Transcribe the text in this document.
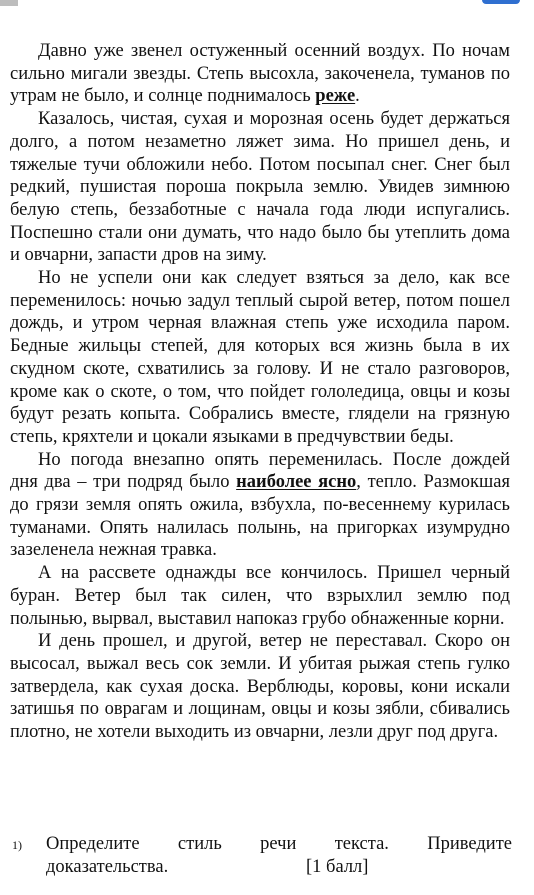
Давно уже звенел остуженный осенний воздух. По ночам сильно мигали звезды. Степь высохла, закоченела, туманов по утрам не было, и солнце поднималось реже.

Казалось, чистая, сухая и морозная осень будет держаться долго, а потом незаметно ляжет зима. Но пришел день, и тяжелые тучи обложили небо. Потом посыпал снег. Снег был редкий, пушистая пороша покрыла землю. Увидев зимнюю белую степь, беззаботные с начала года люди испугались. Поспешно стали они думать, что надо было бы утеплить дома и овчарни, запасти дров на зиму.

Но не успели они как следует взяться за дело, как все переменилось: ночью задул теплый сырой ветер, потом пошел дождь, и утром черная влажная степь уже исходила паром. Бедные жильцы степей, для которых вся жизнь была в их скудном скоте, схватились за голову. И не стало разговоров, кроме как о скоте, о том, что пойдет гололедица, овцы и козы будут резать копыта. Собрались вместе, глядели на грязную степь, кряхтели и цокали языками в предчувствии беды.

Но погода внезапно опять переменилась. После дождей дня два – три подряд было наиболее ясно, тепло. Размокшая до грязи земля опять ожила, взбухла, по-весеннему курилась туманами. Опять налилась полынь, на пригорках изумрудно зазеленела нежная травка.

А на рассвете однажды все кончилось. Пришел черный буран. Ветер был так силен, что взрыхлил землю под полынью, вырвал, выставил напоказ грубо обнаженные корни.

И день прошел, и другой, ветер не переставал. Скоро он высосал, выжал весь сок земли. И убитая рыжая степь гулко затвердела, как сухая доска. Верблюды, коровы, кони искали затишья по оврагам и лощинам, овцы и козы зябли, сбивались плотно, не хотели выходить из овчарни, лезли друг под друга.

1)	Определите стиль речи текста. Приведите
доказательства.	[1 балл]
